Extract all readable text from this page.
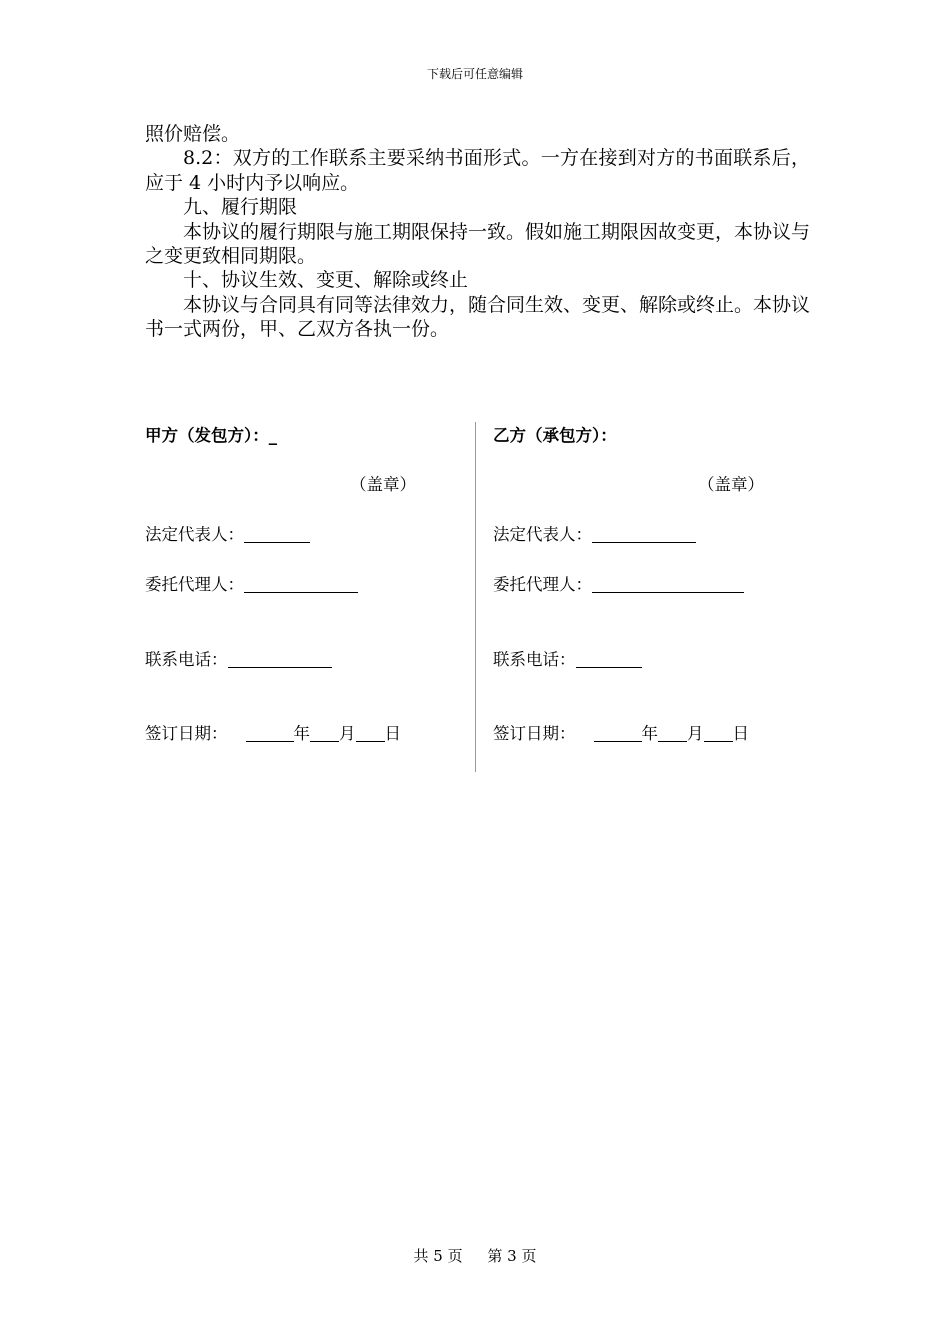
下载后可任意编辑

照价赔偿。

8.2：双方的工作联系主要采纳书面形式。一方在接到对方的书面联系后，应于 4 小时内予以响应。

九、履行期限

本协议的履行期限与施工期限保持一致。假如施工期限因故变更，本协议与之变更致相同期限。

十、协议生效、变更、解除或终止

本协议与合同具有同等法律效力，随合同生效、变更、解除或终止。本协议书一式两份，甲、乙双方各执一份。

甲方（发包方）：_
（盖章）
法定代表人：
委托代理人：
联系电话：
签订日期：	年 月 日
乙方（承包方）：
（盖章）
法定代表人：
委托代理人：
联系电话：
签订日期：	年 月 日
共 5 页 第 3 页
